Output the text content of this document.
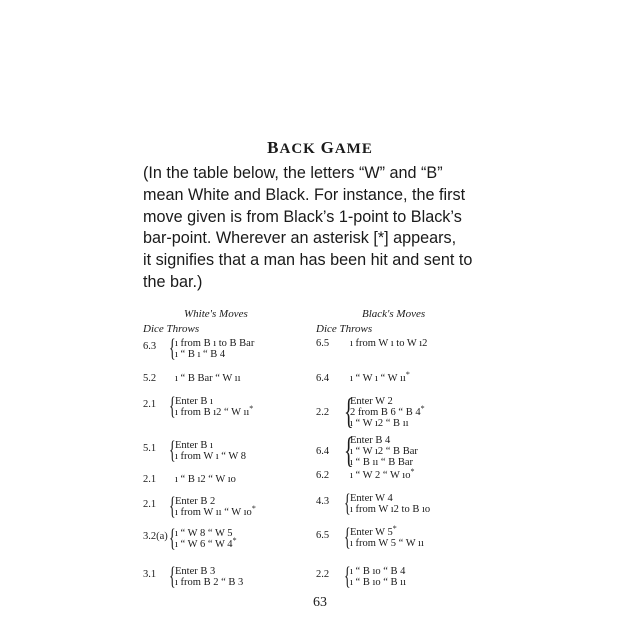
BACK GAME
(In the table below, the letters “W” and “B”
mean White and Black. For instance, the first
move given is from Black’s 1-point to Black’s
bar-point. Wherever an asterisk [*] appears,
it signifies that a man has been hit and sent to
the bar.)
White's Moves	Black's Moves
Dice Throws	Dice Throws
6.3 { ı from B ı to B Bar
ı “ B ı “ B 4
5.2 ı “ B Bar “ W ıı
2.1 { Enter B ı
ı from B ı2 “ W ıı*
5.1 { Enter B ı
ı from W ı “ W 8
2.1 ı “ B ı2 “ W ıo
2.1 { Enter B 2
ı from W ıı “ W ıo*
3.2(a) { ı “ W 8 “ W 5
ı “ W 6 “ W 4*
3.1 { Enter B 3
ı from B 2 “ B 3
6.5 ı from W ı to W ı2
6.4 ı “ W ı “ W ıı*
2.2 {
Enter W 2
2 from B 6 “ B 4*
ı “ W ı2 “ B ıı
6.4 {
Enter B 4
ı “ W ı2 “ B Bar
ı “ B ıı “ B Bar
6.2 ı “ W 2 “ W ıo*
4.3 { Enter W 4
ı from W ı2 to B ıo
6.5 { Enter W 5*
ı from W 5 “ W ıı
2.2 { ı “ B ıo “ B 4
ı “ B ıo “ B ıı
63
